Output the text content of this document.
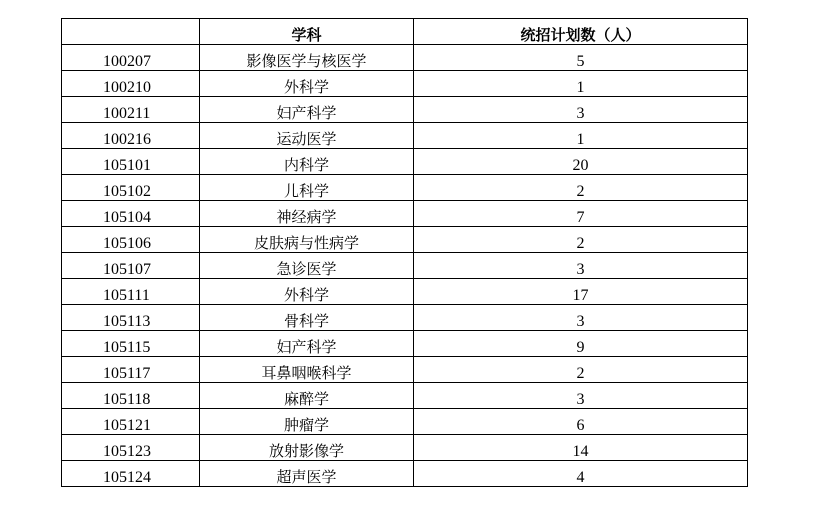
	学科	统招计划数（人）
100207	影像医学与核医学	5
100210	外科学	1
100211	妇产科学	3
100216	运动医学	1
105101	内科学	20
105102	儿科学	2
105104	神经病学	7
105106	皮肤病与性病学	2
105107	急诊医学	3
105111	外科学	17
105113	骨科学	3
105115	妇产科学	9
105117	耳鼻咽喉科学	2
105118	麻醉学	3
105121	肿瘤学	6
105123	放射影像学	14
105124	超声医学	4
